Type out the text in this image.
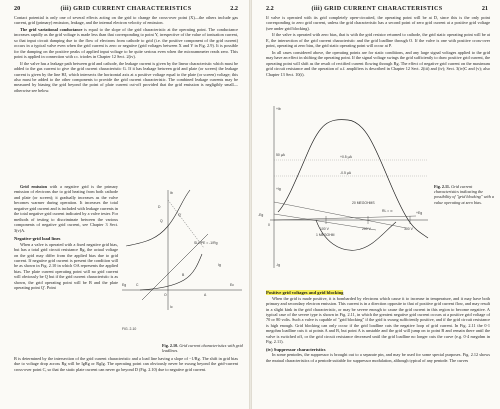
20	(iii) GRID CURRENT CHARACTERISTICS	2.2

Contact potential is only one of several effects acting on the grid to change the cross-over point (X)—the others include gas current, grid (primary) emission, leakage, and the internal electron velocity of emission.

The grid variational conductance is equal to the slope of the grid characteristic at the operating point. The conductance increases rapidly as the grid voltage is made less than that corresponding to point Y, irrespective of the value of ionisation current, so that input circuit damping due to the flow of electrons from cathode to grid (i.e. the positive component of the grid current) occurs in a typical valve even when the grid current is zero or negative (grid voltages between X and Y in Fig. 2.9). It is possible for the damping on the positive peaks of applied input voltage to be quite serious even when the microammeter reads zero. This point is applied in connection with r.c. triodes in Chapter 12 Sect. 2(iv).

If the valve has a leakage path between grid and cathode, the leakage current is given by the linear characteristic which must be added to the gas current to give the grid current characteristic G. If it has leakage between grid and plate (or screen) the leakage current is given by the line HJ, which intersects the horizontal axis at a positive voltage equal to the plate (or screen) voltage; this also must be added to the other components to provide the grid current characteristic. The combined leakage currents may be measured by biasing the grid beyond the point of plate current cut-off provided that the grid emission is negligibly small—otherwise see below.

Grid emission with a negative grid is the primary emission of electrons due to grid heating from both cathode and plate (or screen); it gradually increases as the valve becomes warmer during operation. It increases the total negative grid current and is included with leakage currents in the total negative grid current indicated by a valve tester. For methods of testing to discriminate between the various components of negative grid current, see Chapter 3 Sect. 3(v)A.

Negative-grid load lines

When a valve is operated with a fixed negative grid bias, but has a total grid circuit resistance Rg, the actual voltage on the grid may differ from the applied bias due to grid current. If negative grid current is present the condition will be as shown in Fig. 2.10 in which OA represents the applied bias. The plate current operating point will no grid current will obviously be Q but if the grid current characteristic is as shown, the grid operating point will be B and the plate operating point Q'. Point

Ib
D
Q
Q'
O	A
B
C
SLOPE = -1/Rg
Ec
Ic
Eg
Ig
FIG. 2-10
Fig. 2.10. Grid current characteristics with grid leadlines.

B is determined by the intersection of the grid current characteristic and a load line having a slope of −1/Rg. The shift in grid bias due to voltage drop across Rg will be IgRg or RgIg. The operating point can obviously never be swung beyond the grid-current cross-over point C, so that the static plate current can never go beyond D (Fig. 2.10) due to negative grid current.

2.2	(iii) GRID CURRENT CHARACTERISTICS	21

If valve is operated with its grid completely open-circuited, the operating point will be at D, since this is the only point corresponding to zero grid current, unless the grid characteristic has a second point of zero grid current at a positive grid voltage (see under grid blocking).

If the valve is operated with zero bias, that is with the grid resistor returned to cathode, the grid static operating point will be at E, the intersection of the grid current characteristic and the grid loadline through O. If the valve is one with positive cross-over point, operating at zero bias, the grid static operating point will occur at P.

In all cases considered above, the operating points are for static conditions, and any large signal voltages applied to the grid may have an effect in shifting the operating point. If the signal voltage swings the grid sufficiently to draw positive grid current, the operating point will shift as the result of rectified current flowing through Rg. The effect of negative grid current on the maximum grid circuit resistance and the operation of a.f. amplifiers is described in Chapter 12 Sect. 2(iii) and (iv); Sect. 3(iv)C and (v); also Chapter 13 Sect. 10(i).

+Ib
+Eg
-Eg
-Ig
+Ig
+0.5 μA
-0.5 μA
50 μA
20 MEGOHMS
1 MEGOHM
RL = ∞
100 V	200 V	300 V
0
Fig. 2.11. Grid current characteristics indicating the possibility of "grid blocking" with a value operating at zero bias.
Positive grid voltages and grid blocking

When the grid is made positive, it is bombarded by electrons which cause it to increase in temperature, and it may have both primary and secondary electron emission. This current is in a direction opposite to that of positive grid current flow, and may result in a slight kink in the grid characteristic, or may be severe enough to cause the grid current in this region to become negative. A typical case of the severe type is shown in Fig. 2.11, in which the greatest negative grid current occurs at a positive grid voltage of 70 or 80 volts. Such a valve is capable of "grid blocking" if the grid is swung sufficiently positive, and if the grid circuit resistance is high enough. Grid blocking can only occur if the grid loadline cuts the negative loop of grid current. In Fig. 2.11 the 0·1 megohm loadline cuts it at points A and B, but point A is unstable and the grid will jump on to point B and remain there until the valve is switched off, or the grid circuit resistance decreased until the grid loadline no longer cuts the curve (e.g. 0·4 megohm in Fig. 2.11).

(iv) Suppressor characteristics

In some pentodes, the suppressor is brought out to a separate pin, and may be used for some special purposes. Fig. 2.12 shows the mutual characteristics of a pentode suitable for suppressor modulation, although typical of any pentode. The curves
